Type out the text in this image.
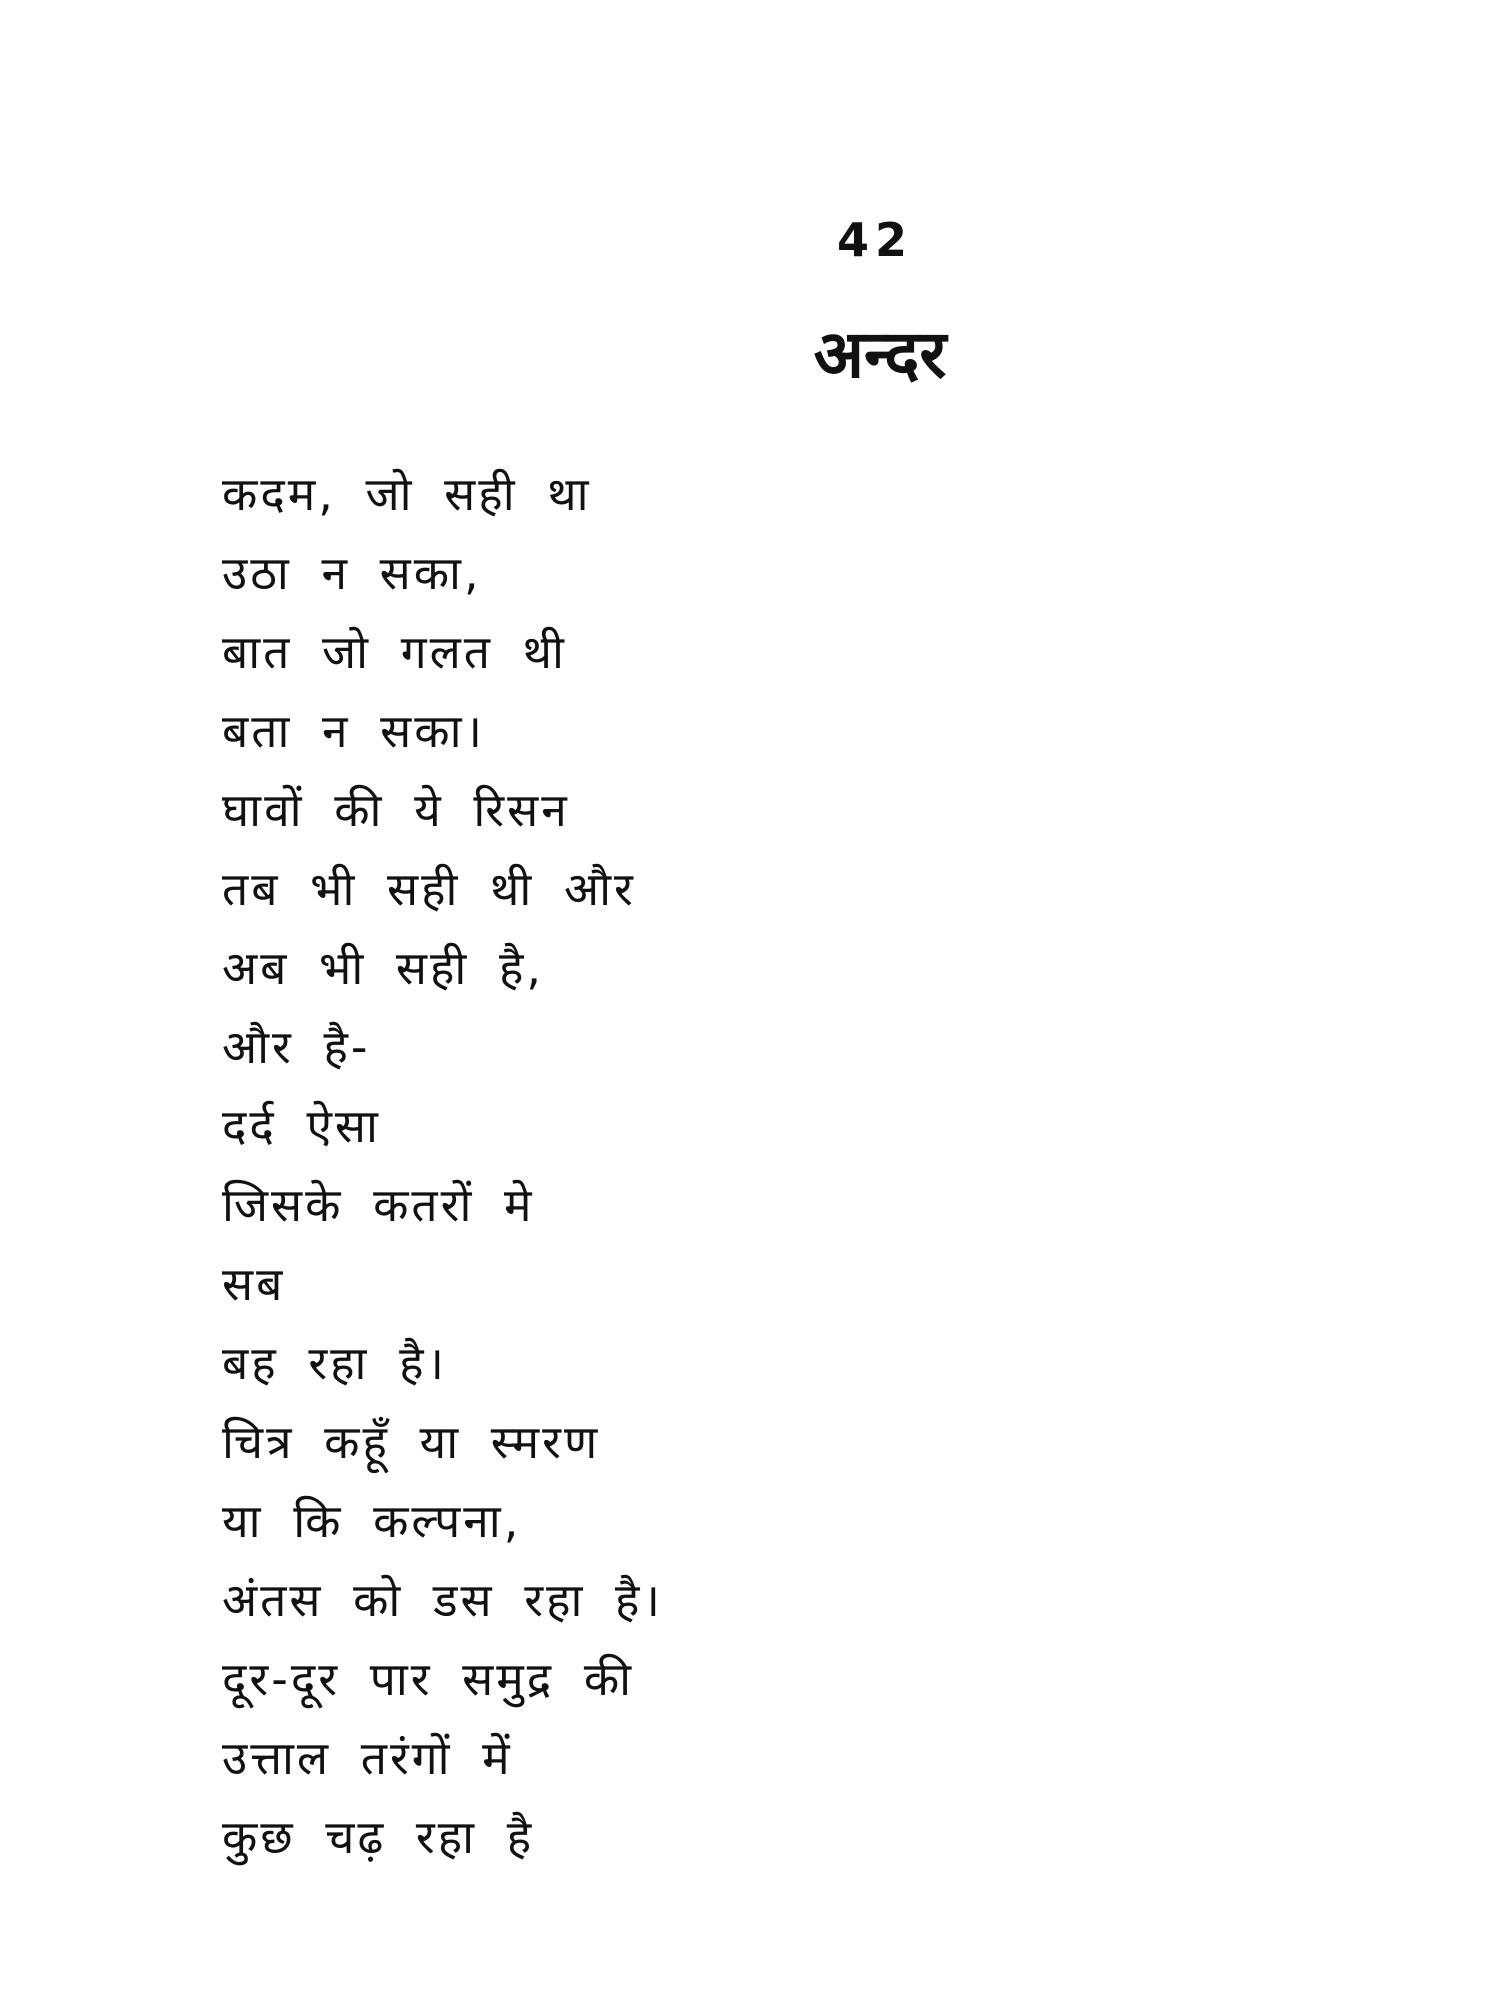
42
अन्दर
कदम, जो सही था
उठा न सका,
बात जो गलत थी
बता न सका।
घावों की ये रिसन
तब भी सही थी और
अब भी सही है,
और है-
दर्द ऐसा
जिसके कतरों मे
सब
बह रहा है।
चित्र कहूँ या स्मरण
या कि कल्पना,
अंतस को डस रहा है।
दूर-दूर पार समुद्र की
उत्ताल तरंगों में
कुछ चढ़ रहा है
